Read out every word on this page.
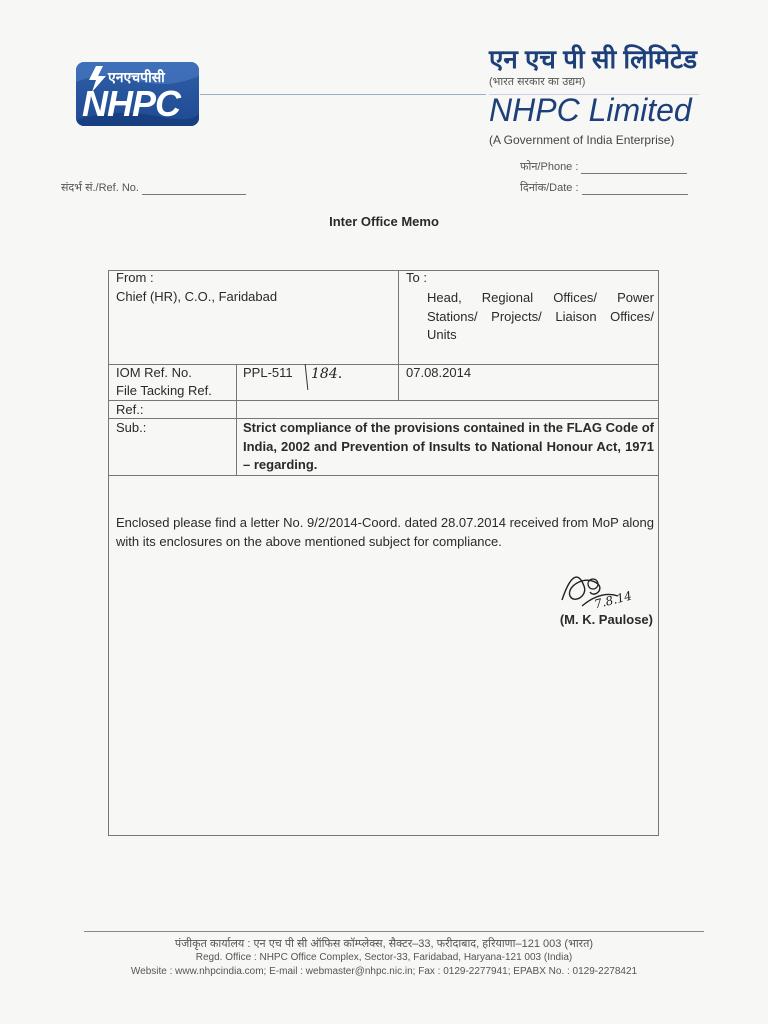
एनएचपीसी
NHPC
एन एच पी सी लिमिटेड
(भारत सरकार का उद्यम)
NHPC Limited
(A Government of India Enterprise)
फोन/Phone :
दिनांक/Date :
संदर्भ सं./Ref. No.
Inter Office Memo
From :
Chief (HR), C.O., Faridabad
To :
Head, Regional Offices/ Power Stations/ Projects/ Liaison Offices/ Units
IOM Ref. No.
File Tacking Ref.
PPL-511 184.	07.08.2014
Ref.:
Sub.:	Strict compliance of the provisions contained in the FLAG Code of India, 2002 and Prevention of Insults to National Honour Act, 1971 – regarding.
Enclosed please find a letter No. 9/2/2014-Coord. dated 28.07.2014 received from MoP along with its enclosures on the above mentioned subject for compliance.
7.8.14
(M. K. Paulose)
पंजीकृत कार्यालय : एन एच पी सी ऑफिस कॉम्प्लेक्स, सैक्टर–33, फरीदाबाद, हरियाणा–121 003 (भारत)
Regd. Office : NHPC Office Complex, Sector-33, Faridabad, Haryana-121 003 (India)
Website : www.nhpcindia.com; E-mail : webmaster@nhpc.nic.in; Fax : 0129-2277941; EPABX No. : 0129-2278421
